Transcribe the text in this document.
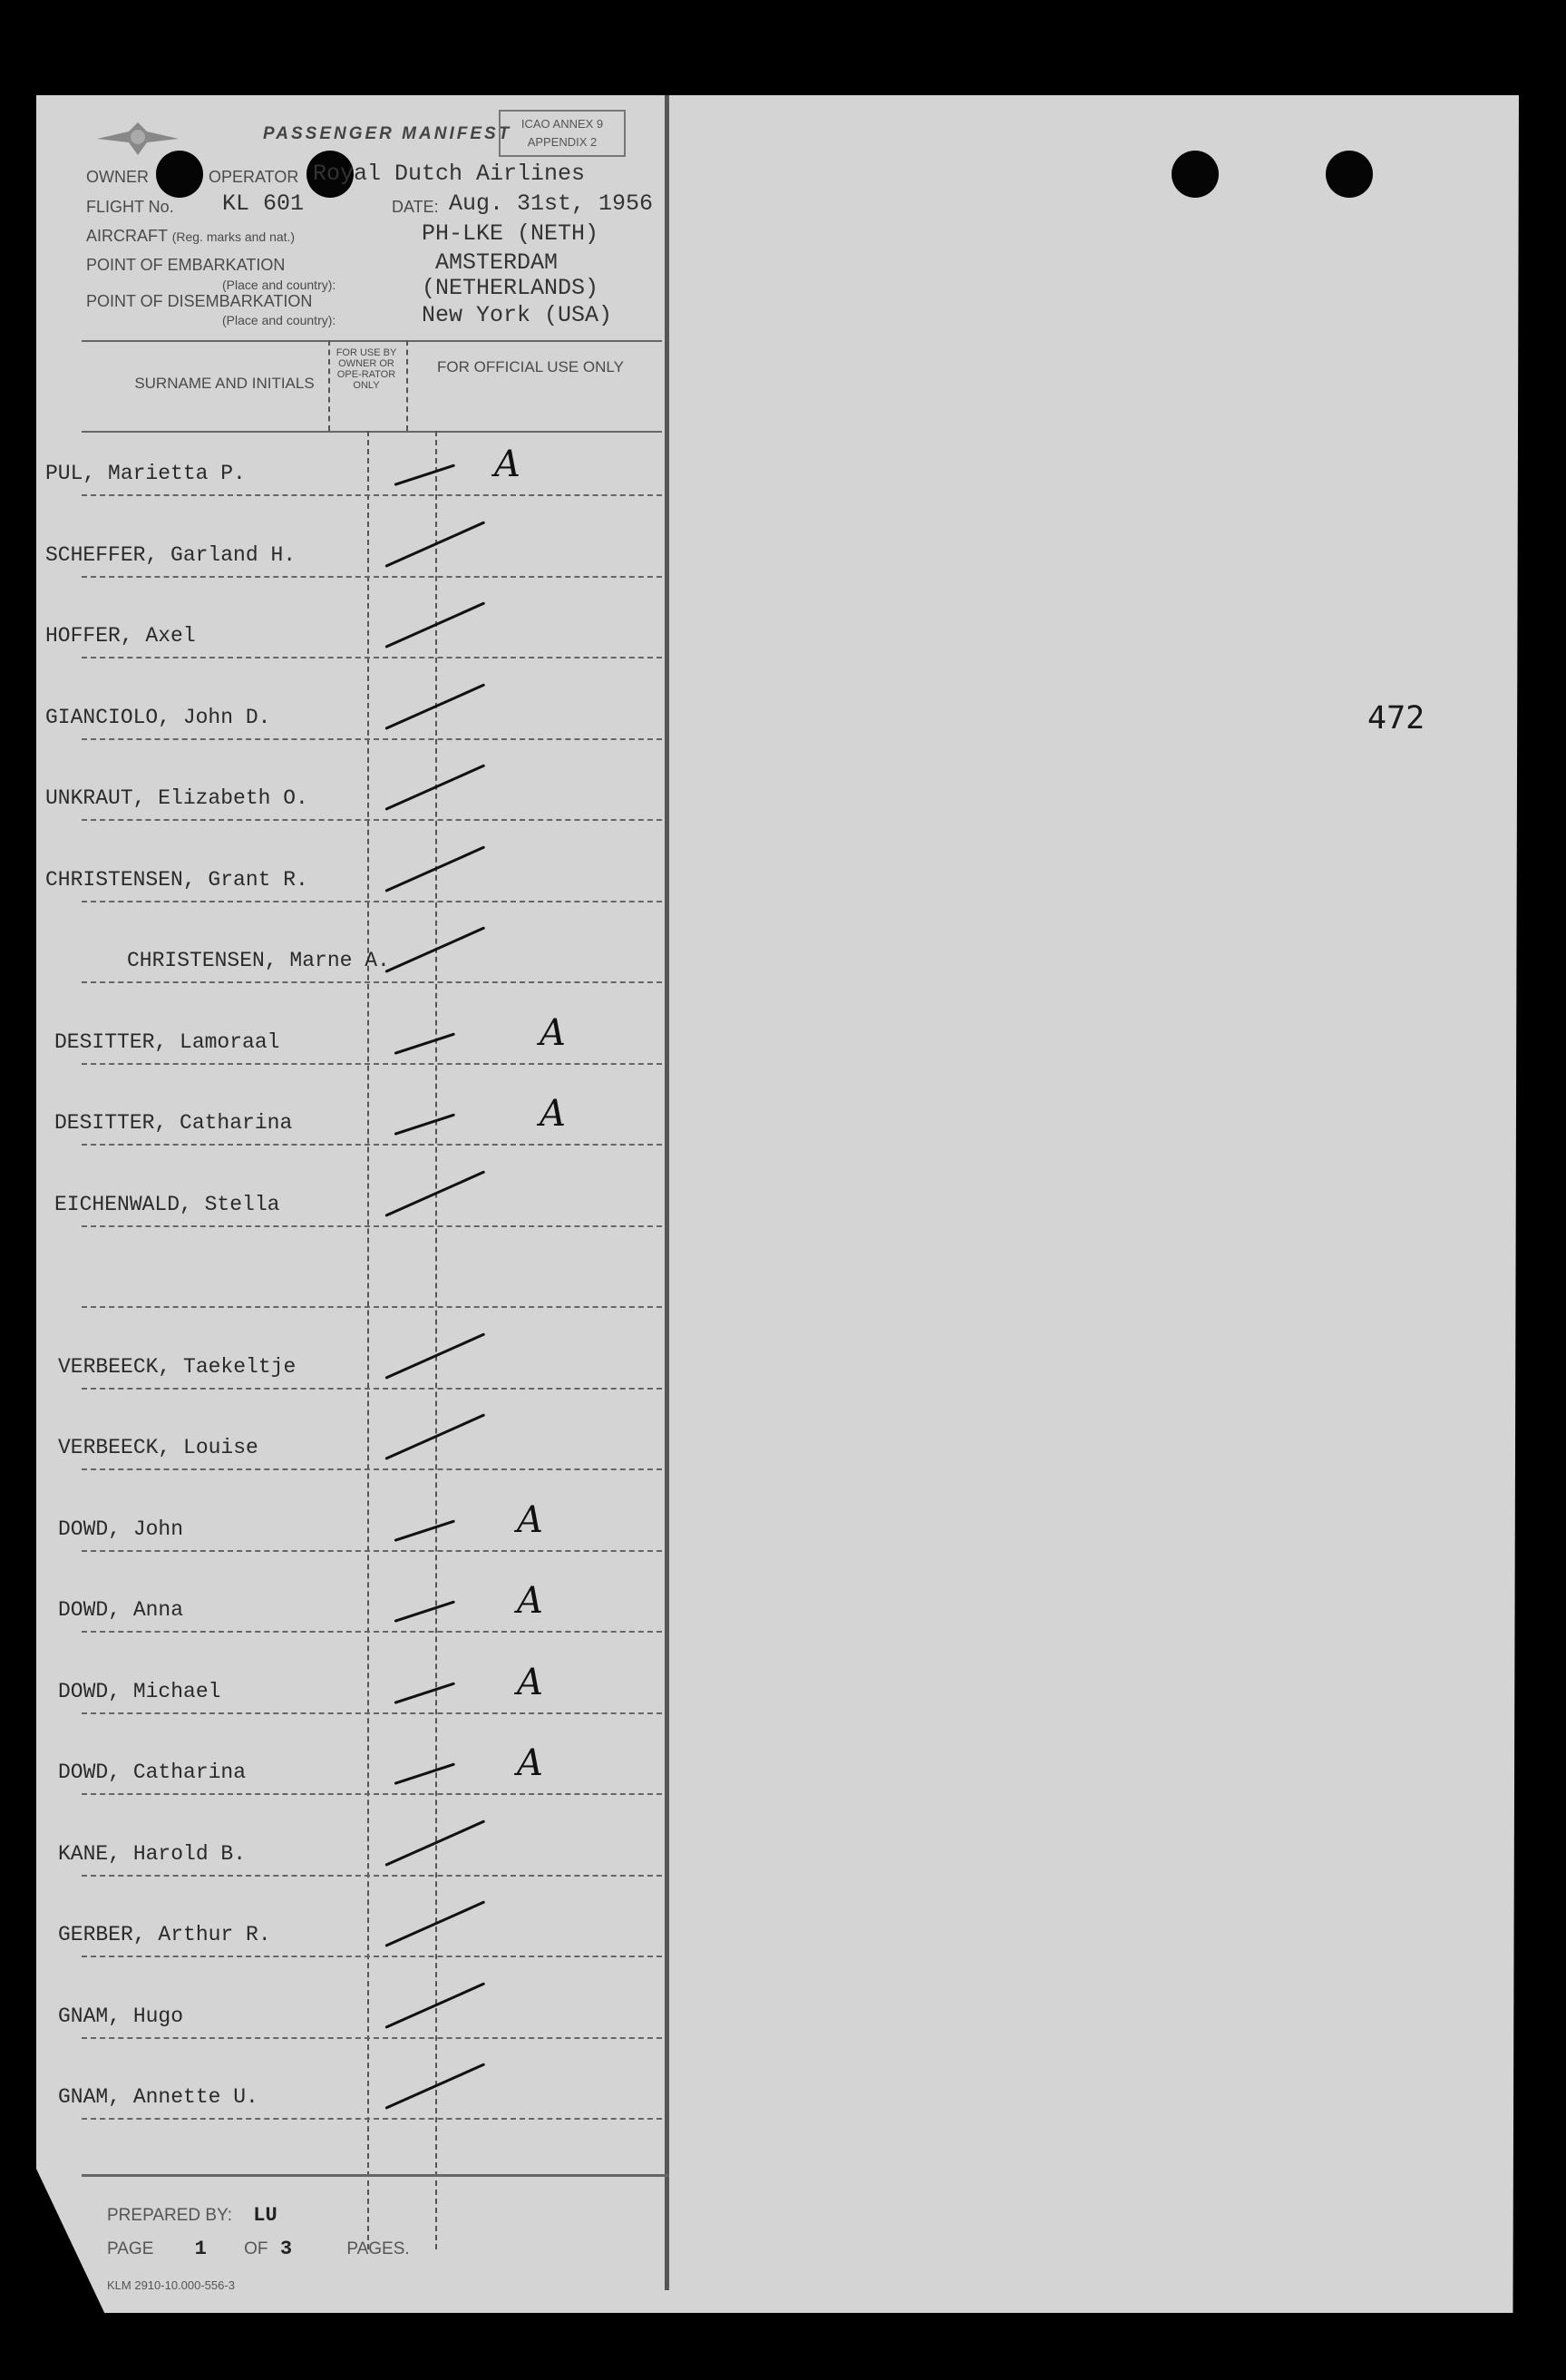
472
PASSENGER MANIFEST
ICAO ANNEX 9
APPENDIX 2
OWNER	OPERATOR Royal Dutch Airlines
FLIGHT No. KL 601	DATE: Aug. 31st, 1956
AIRCRAFT (Reg. marks and nat.)	PH-LKE (NETH)
POINT OF EMBARKATION	AMSTERDAM
(Place and country):	(NETHERLANDS)
POINT OF DISEMBARKATION
(Place and country):	New York (USA)
SURNAME AND INITIALS
FOR USE BY OWNER OR OPE-RATOR ONLY
FOR OFFICIAL USE ONLY
PUL, Marietta P.	A
SCHEFFER, Garland H.
HOFFER, Axel
GIANCIOLO, John D.
UNKRAUT, Elizabeth O.
CHRISTENSEN, Grant R.
CHRISTENSEN, Marne A.
DESITTER, Lamoraal	A
DESITTER, Catharina	A
EICHENWALD, Stella
VERBEECK, Taekeltje
VERBEECK, Louise
DOWD, John	A
DOWD, Anna	A
DOWD, Michael	A
DOWD, Catharina	A
KANE, Harold B.
GERBER, Arthur R.
GNAM, Hugo
GNAM, Annette U.
PREPARED BY: LU
PAGE 1 OF 3	PAGES.
KLM 2910-10.000-556-3
